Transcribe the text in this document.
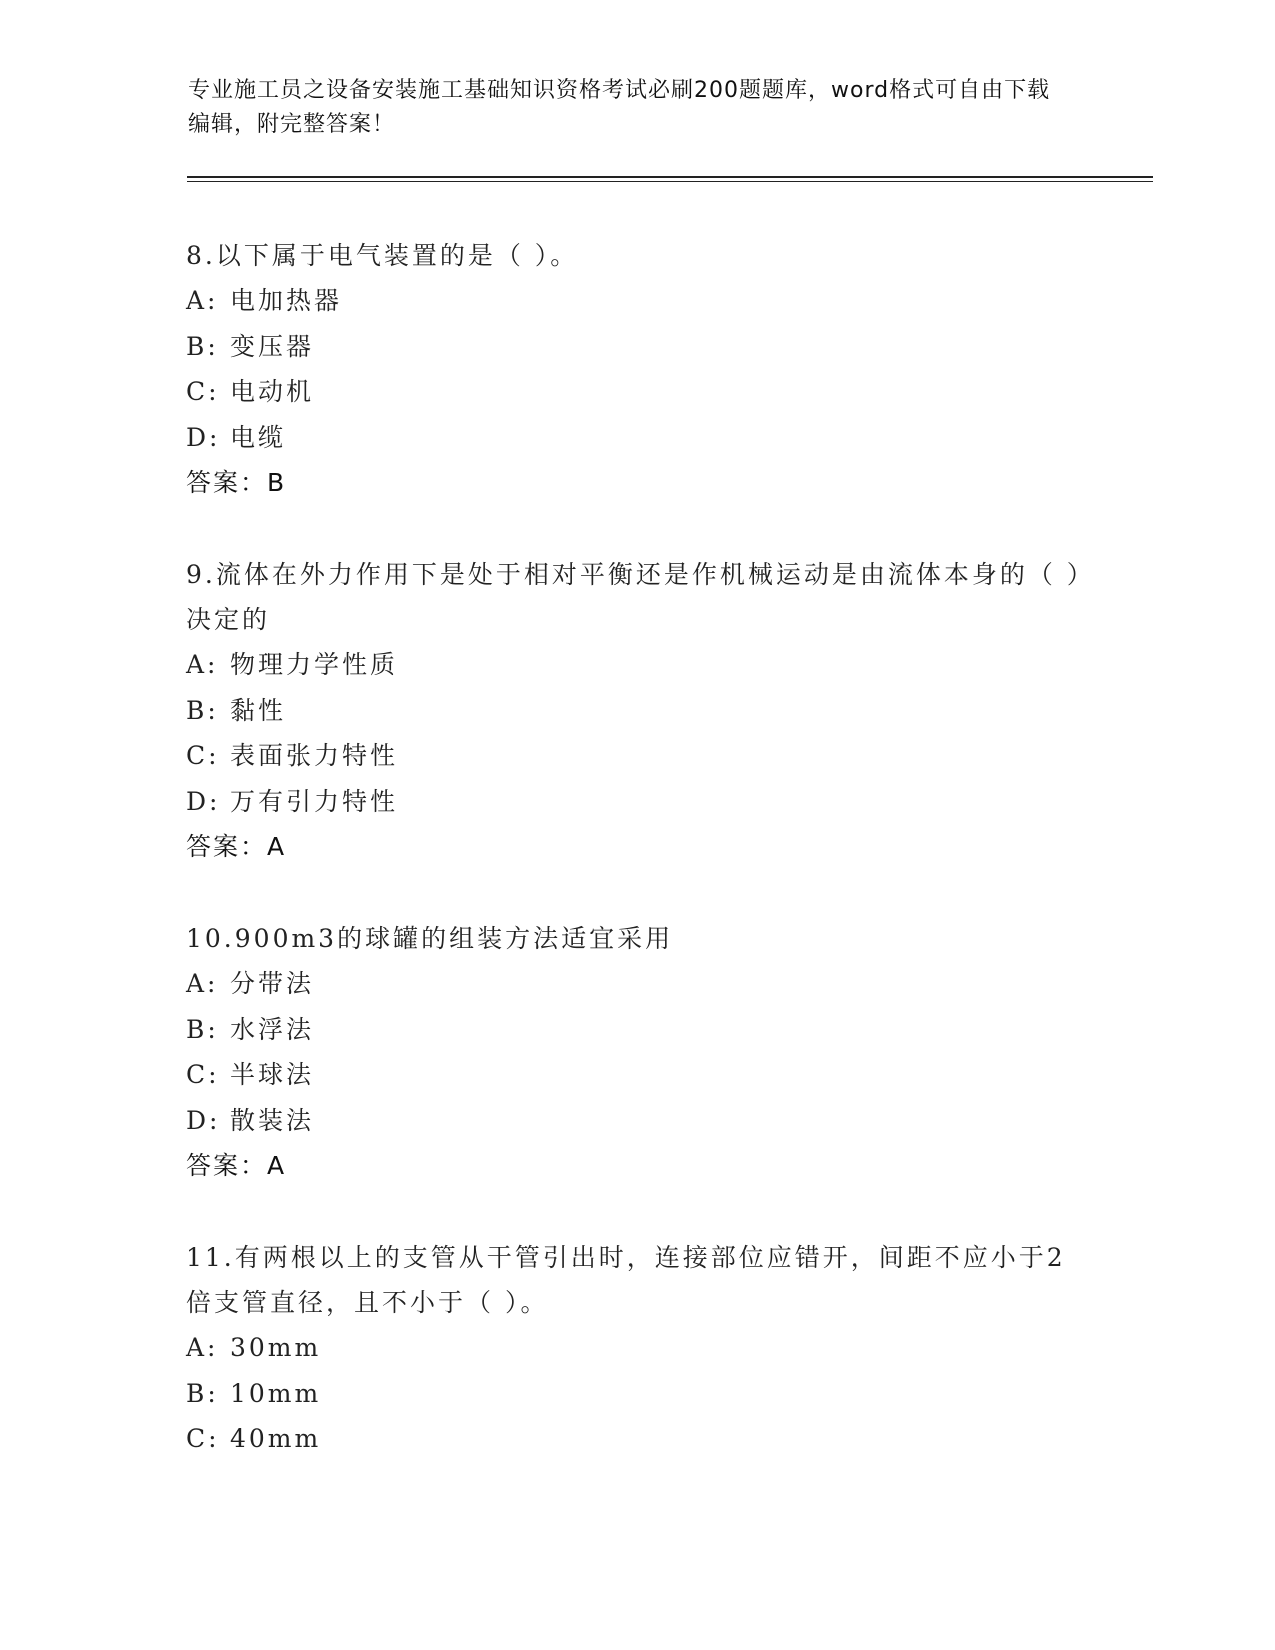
专业施工员之设备安装施工基础知识资格考试必刷200题题库，word格式可自由下载编辑，附完整答案！
8.以下属于电气装置的是（ ）。
A: 电加热器
B: 变压器
C: 电动机
D: 电缆
答案：B
9.流体在外力作用下是处于相对平衡还是作机械运动是由流体本身的（ ）决定的
A: 物理力学性质
B: 黏性
C: 表面张力特性
D: 万有引力特性
答案：A
10.900m3的球罐的组装方法适宜采用
A: 分带法
B: 水浮法
C: 半球法
D: 散装法
答案：A
11.有两根以上的支管从干管引出时，连接部位应错开，间距不应小于2倍支管直径，且不小于（ ）。
A: 30mm
B: 10mm
C: 40mm
